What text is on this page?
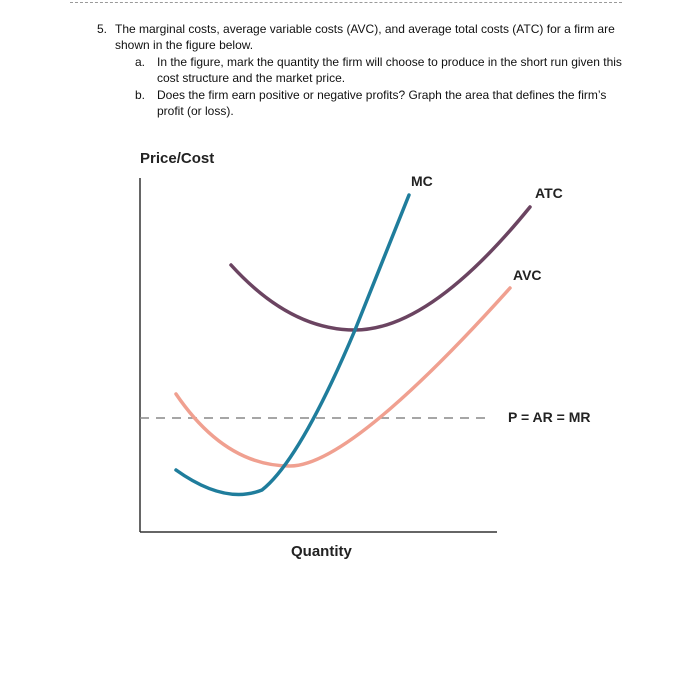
5. The marginal costs, average variable costs (AVC), and average total costs (ATC) for a firm are shown in the figure below.
a. In the figure, mark the quantity the firm will choose to produce in the short run given this cost structure and the market price.
b. Does the firm earn positive or negative profits? Graph the area that defines the firm’s profit (or loss).
Price/Cost
Quantity
MC
ATC
AVC
P = AR = MR
